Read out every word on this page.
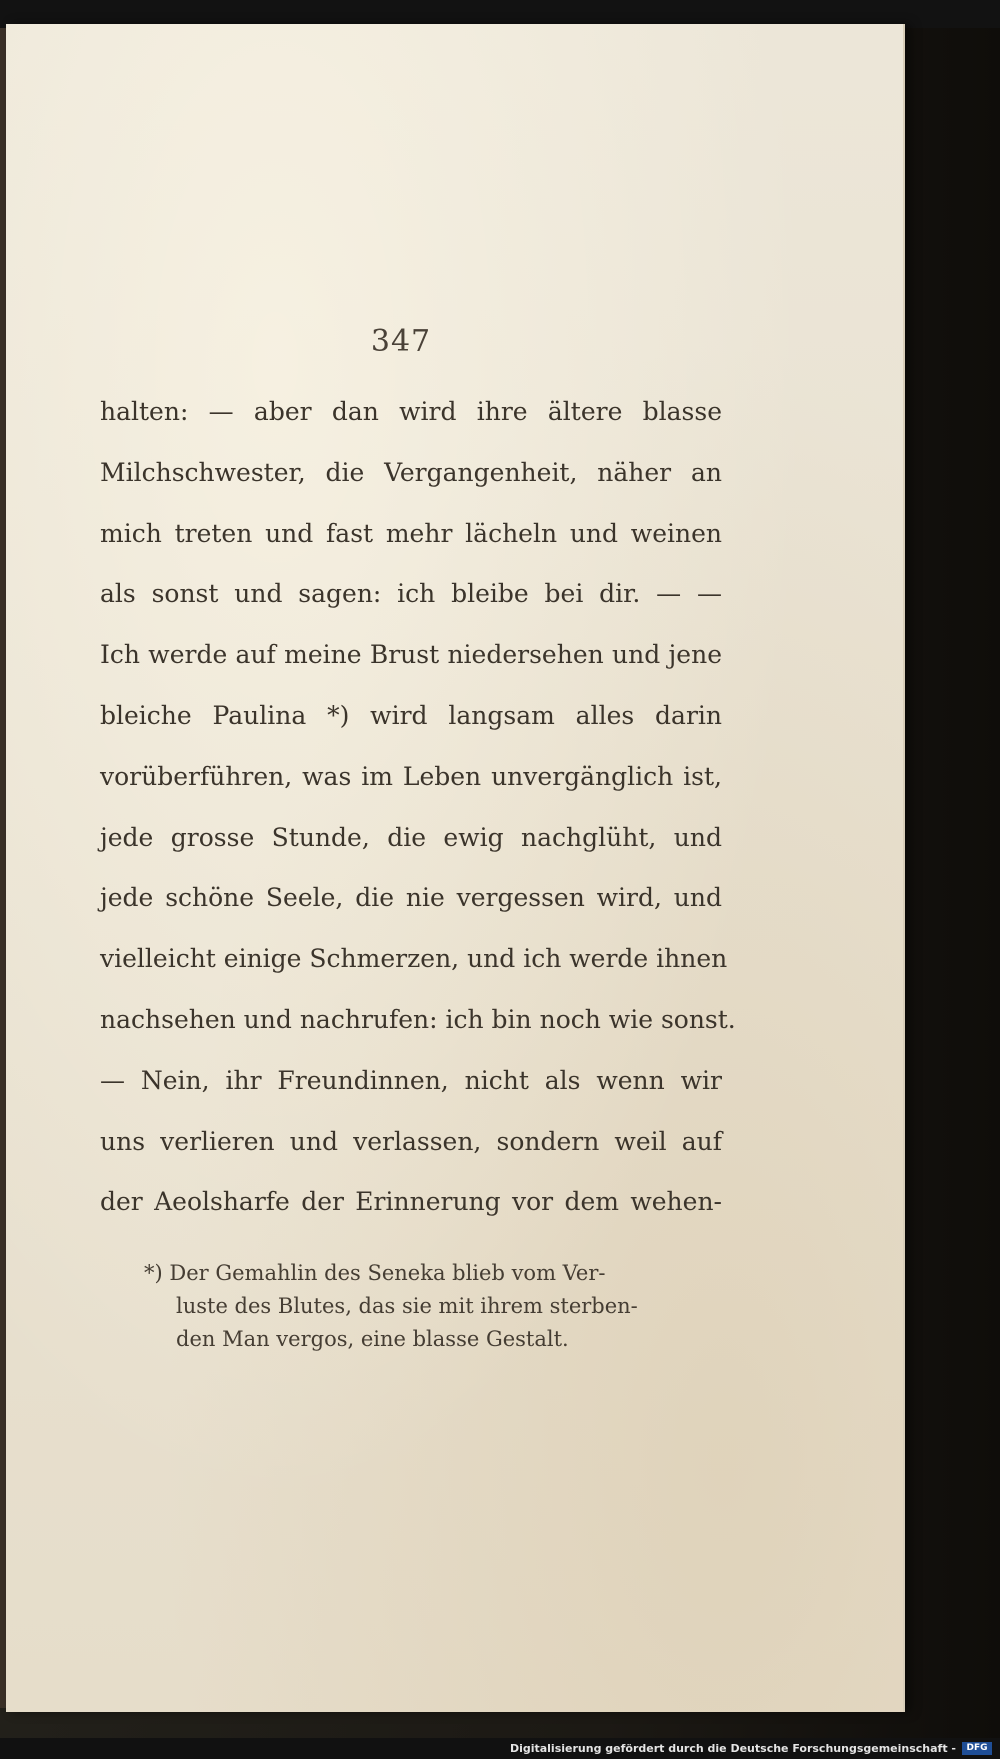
347
halten: — aber dan wird ihre ältere blasse
Milchschwester, die Vergangenheit, näher an
mich treten und fast mehr lächeln und weinen
als sonst und sagen: ich bleibe bei dir. — —
Ich werde auf meine Brust niedersehen und jene
bleiche Paulina *) wird langsam alles darin
vorüberführen, was im Leben unvergänglich ist,
jede grosse Stunde, die ewig nachglüht, und
jede schöne Seele, die nie vergessen wird, und
vielleicht einige Schmerzen, und ich werde ihnen
nachsehen und nachrufen: ich bin noch wie sonst.
— Nein, ihr Freundinnen, nicht als wenn wir
uns verlieren und verlassen, sondern weil auf
der Aeolsharfe der Erinnerung vor dem wehen-
*) Der Gemahlin des Seneka blieb vom Ver-
luste des Blutes, das sie mit ihrem sterben-
den Man vergos, eine blasse Gestalt.
Digitalisierung gefördert durch die Deutsche Forschungsgemeinschaft -	DFG
